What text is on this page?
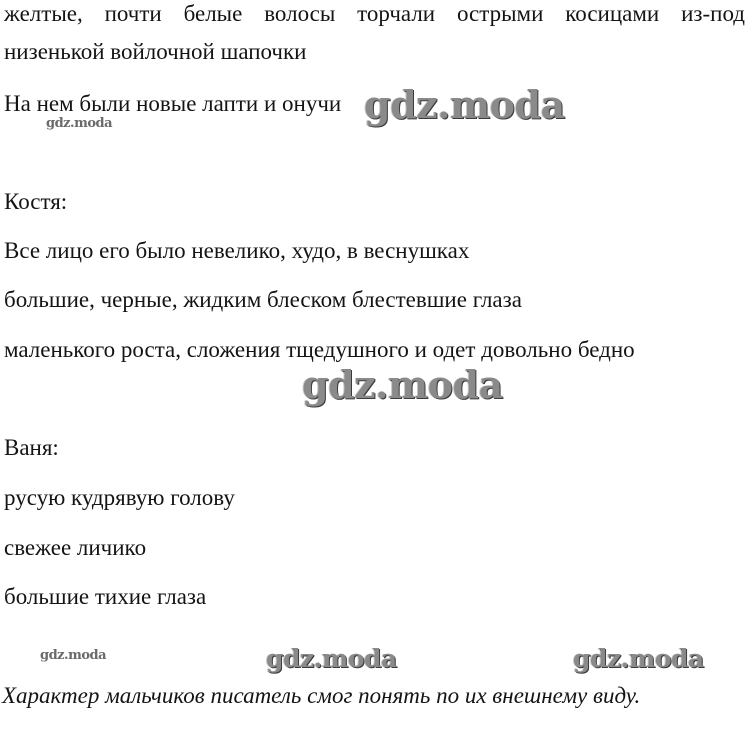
желтые, почти белые волосы торчали острыми косицами из-под

низенькой войлочной шапочки

На нем были новые лапти и онучи

Костя:

Все лицо его было невелико, худо, в веснушках

большие, черные, жидким блеском блестевшие глаза

маленького роста, сложения тщедушного и одет довольно бедно

Ваня:

русую кудрявую голову

свежее личико

большие тихие глаза

Характер мальчиков писатель смог понять по их внешнему виду.

gdz.moda
gdz.moda
gdz.moda
gdz.moda	gdz.moda	gdz.moda
